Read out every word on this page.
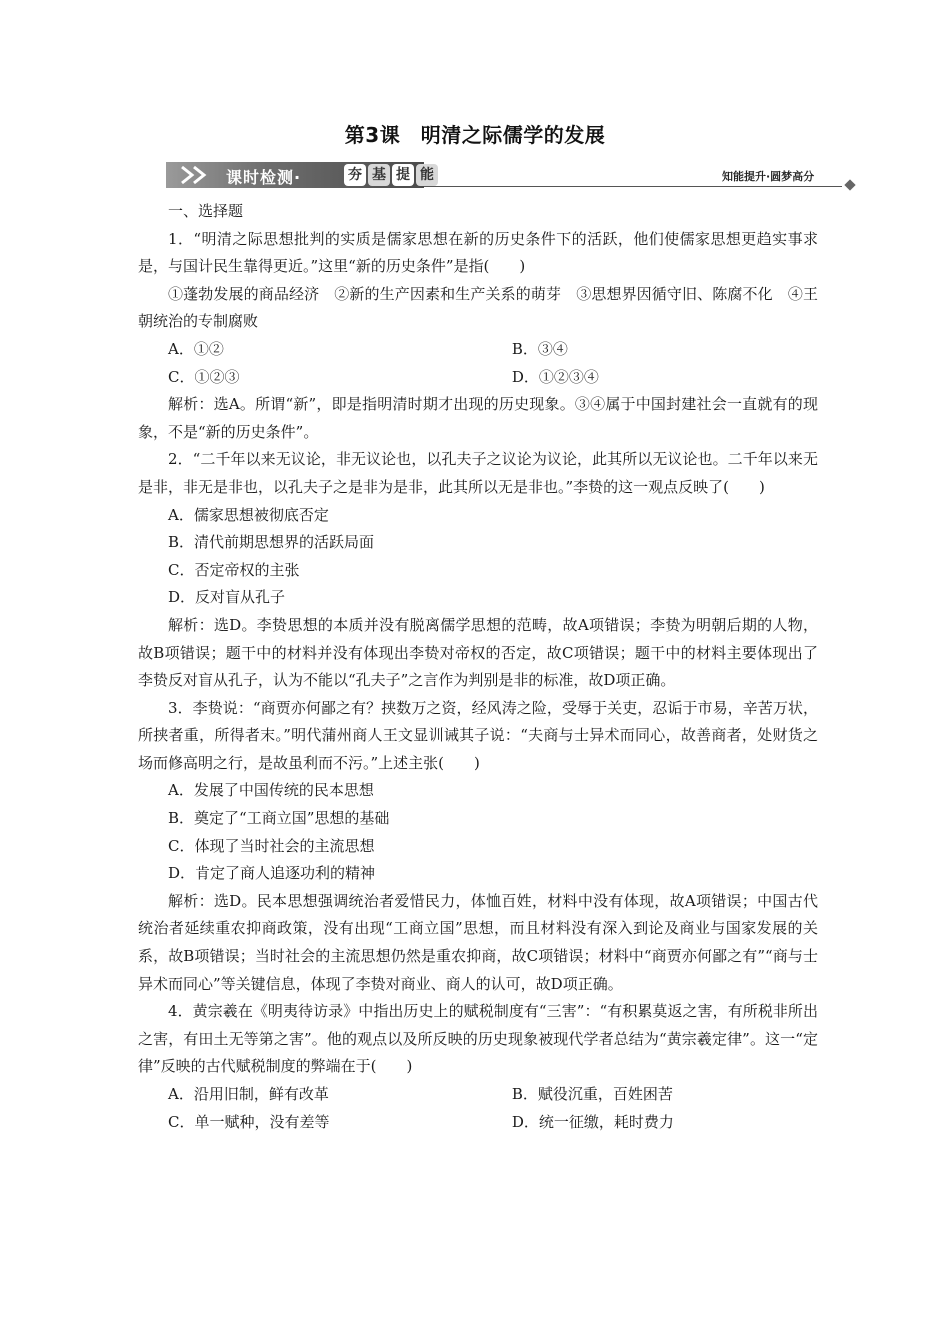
第3课　明清之际儒学的发展
课时检测·	夯 基 提 能	知能提升·圆梦高分

一、选择题

1．“明清之际思想批判的实质是儒家思想在新的历史条件下的活跃，他们使儒家思想更趋实事求是，与国计民生靠得更近。”这里“新的历史条件”是指(　　)

①蓬勃发展的商品经济　②新的生产因素和生产关系的萌芽　③思想界因循守旧、陈腐不化　④王朝统治的专制腐败

A．①②	B．③④
C．①②③	D．①②③④

解析：选A。所谓“新”，即是指明清时期才出现的历史现象。③④属于中国封建社会一直就有的现象，不是“新的历史条件”。

2．“二千年以来无议论，非无议论也，以孔夫子之议论为议论，此其所以无议论也。二千年以来无是非，非无是非也，以孔夫子之是非为是非，此其所以无是非也。”李贽的这一观点反映了(　　)

A．儒家思想被彻底否定

B．清代前期思想界的活跃局面

C．否定帝权的主张

D．反对盲从孔子

解析：选D。李贽思想的本质并没有脱离儒学思想的范畴，故A项错误；李贽为明朝后期的人物，故B项错误；题干中的材料并没有体现出李贽对帝权的否定，故C项错误；题干中的材料主要体现出了李贽反对盲从孔子，认为不能以“孔夫子”之言作为判别是非的标准，故D项正确。

3．李贽说：“商贾亦何鄙之有？挟数万之资，经风涛之险，受辱于关吏，忍诟于市易，辛苦万状，所挟者重，所得者末。”明代蒲州商人王文显训诫其子说：“夫商与士异术而同心，故善商者，处财货之场而修高明之行，是故虽利而不污。”上述主张(　　)

A．发展了中国传统的民本思想

B．奠定了“工商立国”思想的基础

C．体现了当时社会的主流思想

D．肯定了商人追逐功利的精神

解析：选D。民本思想强调统治者爱惜民力，体恤百姓，材料中没有体现，故A项错误；中国古代统治者延续重农抑商政策，没有出现“工商立国”思想，而且材料没有深入到论及商业与国家发展的关系，故B项错误；当时社会的主流思想仍然是重农抑商，故C项错误；材料中“商贾亦何鄙之有”“商与士异术而同心”等关键信息，体现了李贽对商业、商人的认可，故D项正确。

4．黄宗羲在《明夷待访录》中指出历史上的赋税制度有“三害”：“有积累莫返之害，有所税非所出之害，有田土无等第之害”。他的观点以及所反映的历史现象被现代学者总结为“黄宗羲定律”。这一“定律”反映的古代赋税制度的弊端在于(　　)

A．沿用旧制，鲜有改革	B．赋役沉重，百姓困苦
C．单一赋种，没有差等	D．统一征缴，耗时费力
